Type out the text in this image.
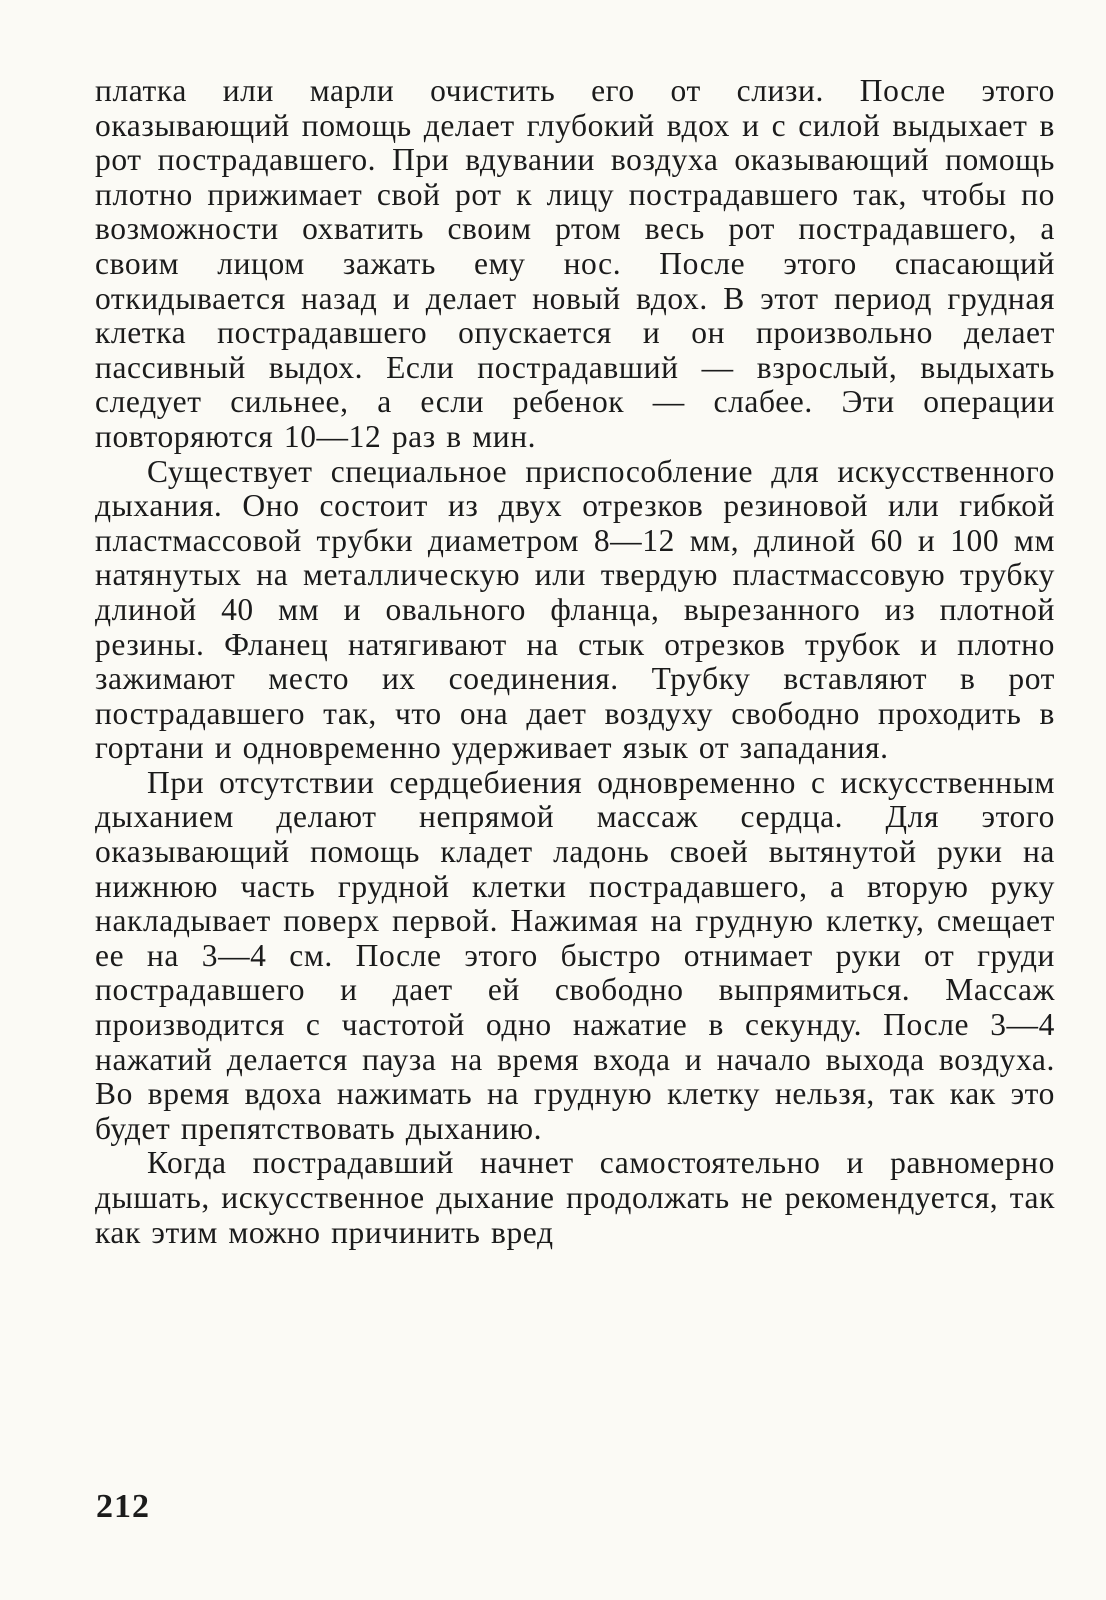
платка или марли очистить его от слизи. После этого оказывающий помощь делает глубокий вдох и с силой выдыхает в рот пострадавшего. При вдувании воздуха оказывающий помощь плотно прижимает свой рот к лицу пострадавшего так, чтобы по возможности охватить своим ртом весь рот пострадавшего, а своим лицом зажать ему нос. После этого спасающий откидывается назад и делает новый вдох. В этот период грудная клетка пострадавшего опускается и он произвольно делает пассивный выдох. Если пострадавший — взрослый, выдыхать следует сильнее, а если ребенок — слабее. Эти операции повторяются 10—12 раз в мин.

Существует специальное приспособление для искусственного дыхания. Оно состоит из двух отрезков резиновой или гибкой пластмассовой трубки диаметром 8—12 мм, длиной 60 и 100 мм натянутых на металлическую или твердую пластмассовую трубку длиной 40 мм и овального фланца, вырезанного из плотной резины. Фланец натягивают на стык отрезков трубок и плотно зажимают место их соединения. Трубку вставляют в рот пострадавшего так, что она дает воздуху свободно проходить в гортани и одновременно удерживает язык от западания.

При отсутствии сердцебиения одновременно с искусственным дыханием делают непрямой массаж сердца. Для этого оказывающий помощь кладет ладонь своей вытянутой руки на нижнюю часть грудной клетки пострадавшего, а вторую руку накладывает поверх первой. Нажимая на грудную клетку, смещает ее на 3—4 см. После этого быстро отнимает руки от груди пострадавшего и дает ей свободно выпрямиться. Массаж производится с частотой одно нажатие в секунду. После 3—4 нажатий делается пауза на время входа и начало выхода воздуха. Во время вдоха нажимать на грудную клетку нельзя, так как это будет препятствовать дыханию.

Когда пострадавший начнет самостоятельно и равномерно дышать, искусственное дыхание продолжать не рекомендуется, так как этим можно причинить вред

212
